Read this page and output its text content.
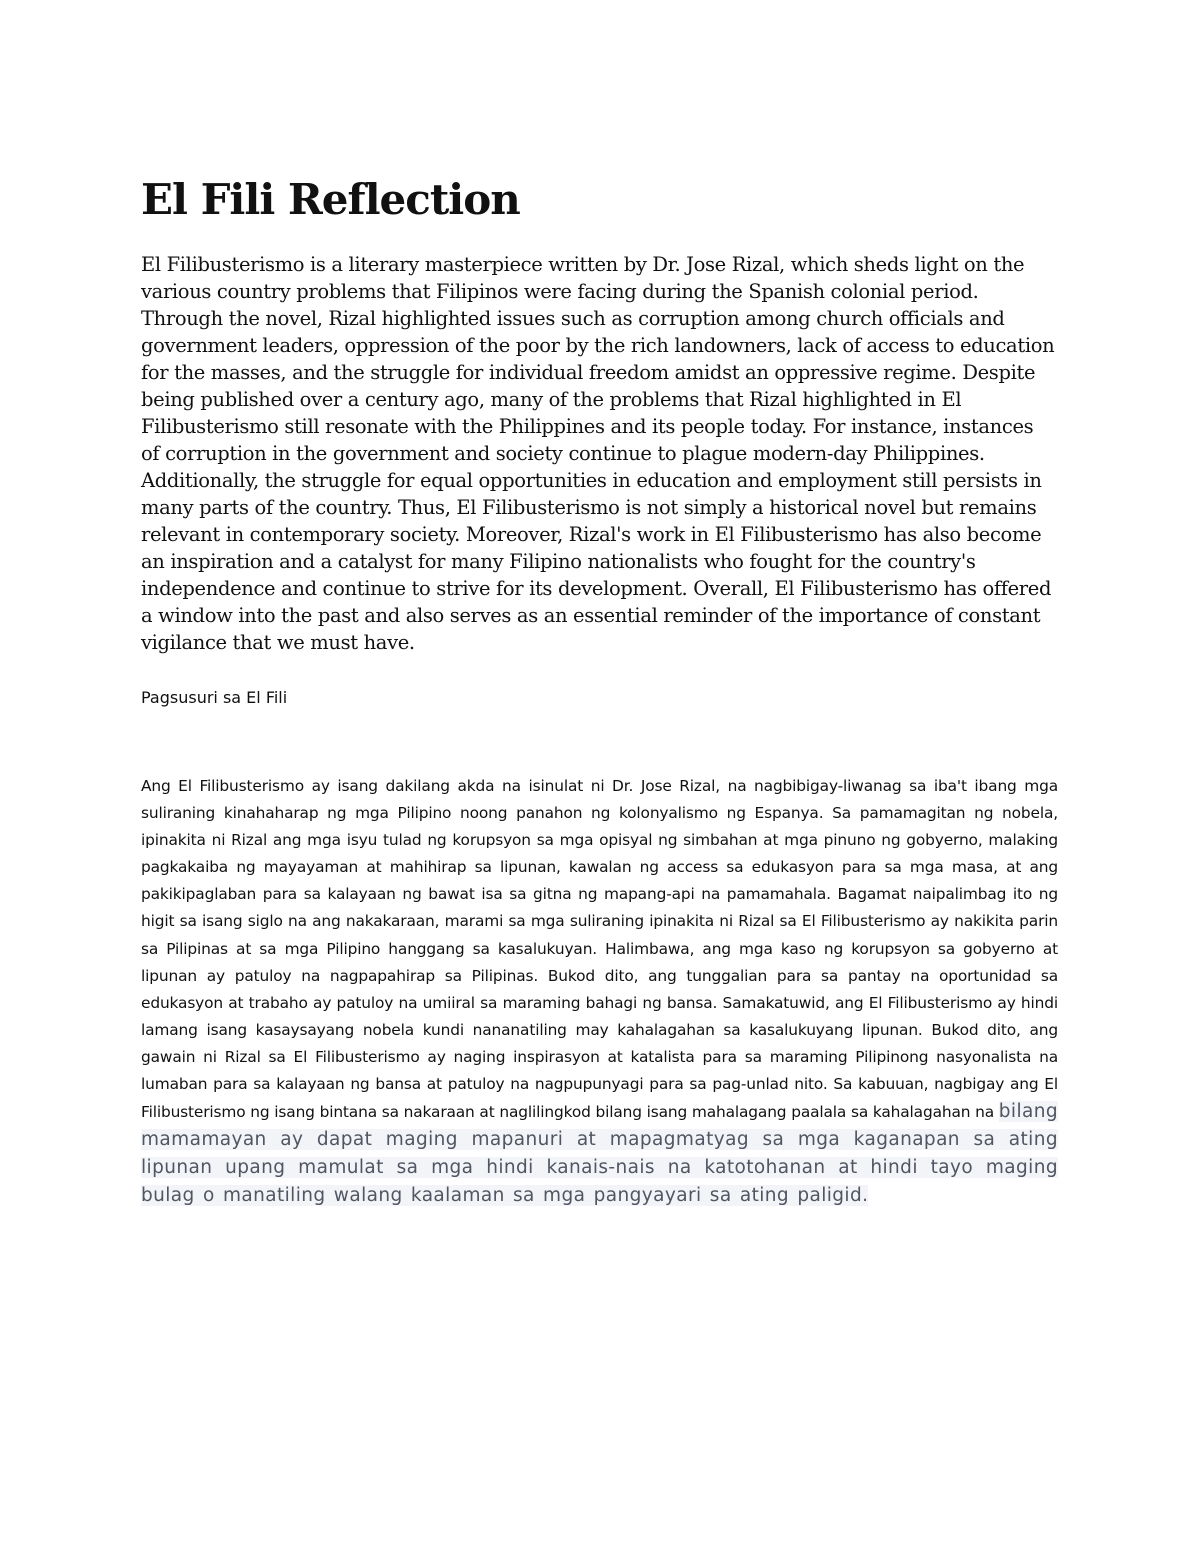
El Fili Reflection

El Filibusterismo is a literary masterpiece written by Dr. Jose Rizal, which sheds light on the various country problems that Filipinos were facing during the Spanish colonial period. Through the novel, Rizal highlighted issues such as corruption among church officials and government leaders, oppression of the poor by the rich landowners, lack of access to education for the masses, and the struggle for individual freedom amidst an oppressive regime. Despite being published over a century ago, many of the problems that Rizal highlighted in El Filibusterismo still resonate with the Philippines and its people today. For instance, instances of corruption in the government and society continue to plague modern-day Philippines. Additionally, the struggle for equal opportunities in education and employment still persists in many parts of the country. Thus, El Filibusterismo is not simply a historical novel but remains relevant in contemporary society. Moreover, Rizal's work in El Filibusterismo has also become an inspiration and a catalyst for many Filipino nationalists who fought for the country's independence and continue to strive for its development. Overall, El Filibusterismo has offered a window into the past and also serves as an essential reminder of the importance of constant vigilance that we must have.

Pagsusuri sa El Fili

Ang El Filibusterismo ay isang dakilang akda na isinulat ni Dr. Jose Rizal, na nagbibigay-liwanag sa iba't ibang mga suliraning kinahaharap ng mga Pilipino noong panahon ng kolonyalismo ng Espanya. Sa pamamagitan ng nobela, ipinakita ni Rizal ang mga isyu tulad ng korupsyon sa mga opisyal ng simbahan at mga pinuno ng gobyerno, malaking pagkakaiba ng mayayaman at mahihirap sa lipunan, kawalan ng access sa edukasyon para sa mga masa, at ang pakikipaglaban para sa kalayaan ng bawat isa sa gitna ng mapang-api na pamamahala. Bagamat naipalimbag ito ng higit sa isang siglo na ang nakakaraan, marami sa mga suliraning ipinakita ni Rizal sa El Filibusterismo ay nakikita parin sa Pilipinas at sa mga Pilipino hanggang sa kasalukuyan. Halimbawa, ang mga kaso ng korupsyon sa gobyerno at lipunan ay patuloy na nagpapahirap sa Pilipinas. Bukod dito, ang tunggalian para sa pantay na oportunidad sa edukasyon at trabaho ay patuloy na umiiral sa maraming bahagi ng bansa. Samakatuwid, ang El Filibusterismo ay hindi lamang isang kasaysayang nobela kundi nananatiling may kahalagahan sa kasalukuyang lipunan. Bukod dito, ang gawain ni Rizal sa El Filibusterismo ay naging inspirasyon at katalista para sa maraming Pilipinong nasyonalista na lumaban para sa kalayaan ng bansa at patuloy na nagpupunyagi para sa pag-unlad nito. Sa kabuuan, nagbigay ang El Filibusterismo ng isang bintana sa nakaraan at naglilingkod bilang isang mahalagang paalala sa kahalagahan na bilang mamamayan ay dapat maging mapanuri at mapagmatyag sa mga kaganapan sa ating lipunan upang mamulat sa mga hindi kanais-nais na katotohanan at hindi tayo maging bulag o manatiling walang kaalaman sa mga pangyayari sa ating paligid.
